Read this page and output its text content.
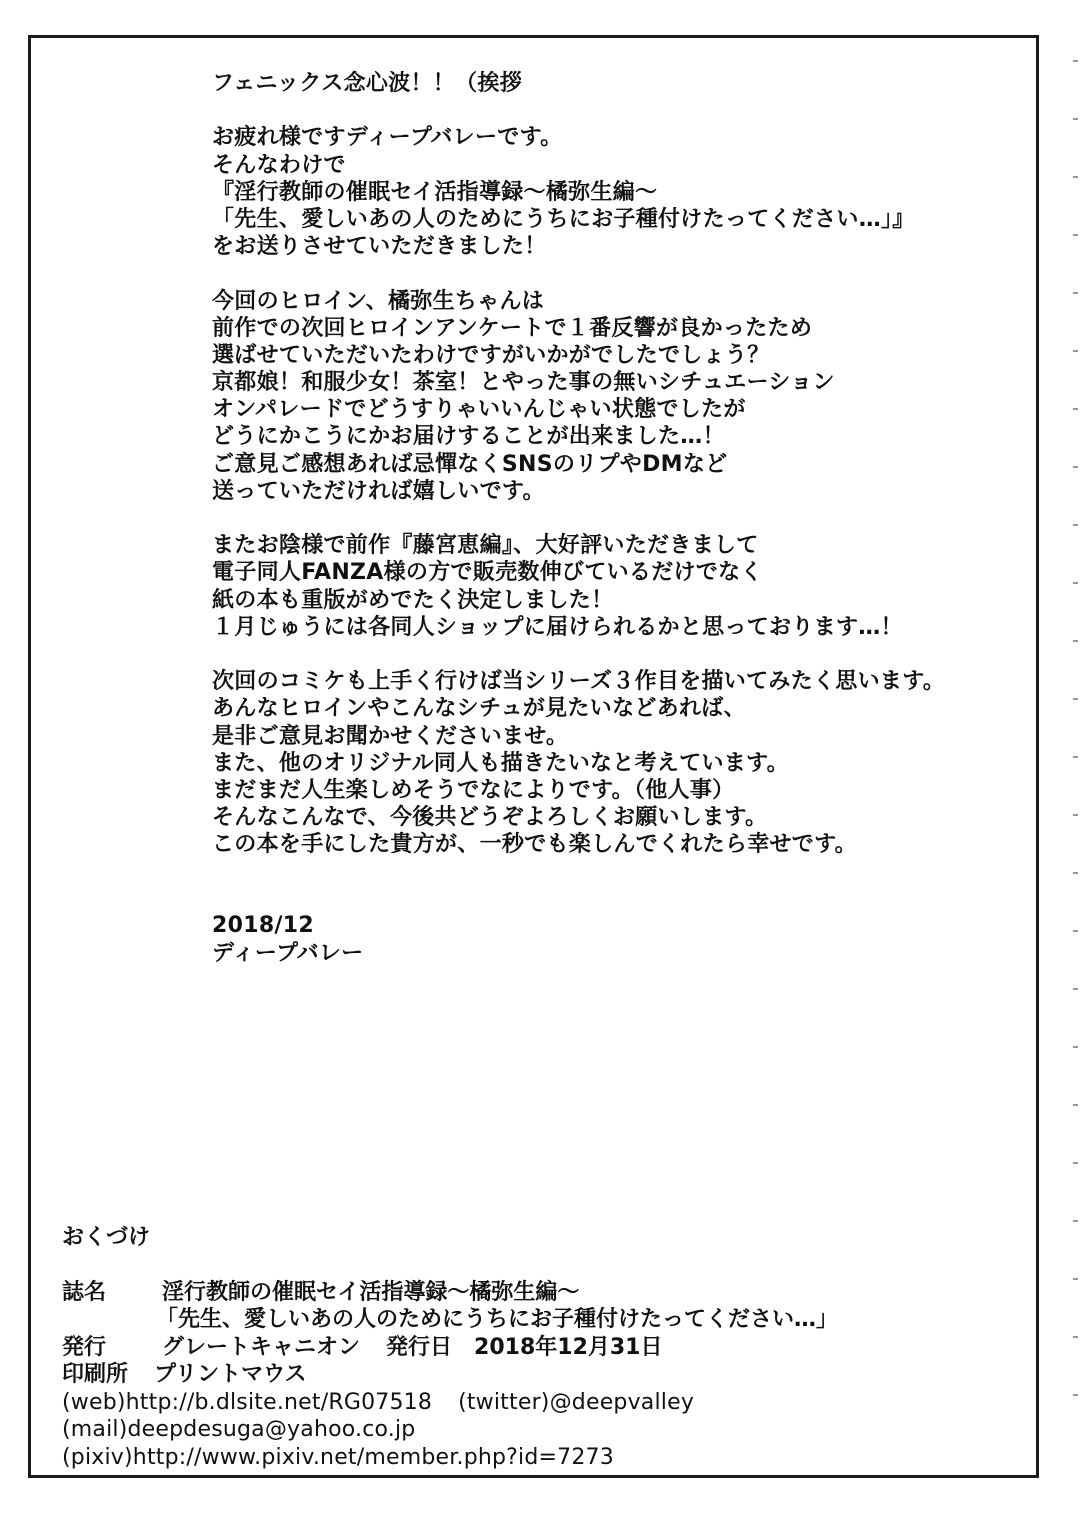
フェニックス念心波！！（挨拶
お疲れ様ですディープバレーです。
そんなわけで
『淫行教師の催眠セイ活指導録～橘弥生編～
「先生、愛しいあの人のためにうちにお子種付けたってください…」』
をお送りさせていただきました！
今回のヒロイン、橘弥生ちゃんは
前作での次回ヒロインアンケートで１番反響が良かったため
選ばせていただいたわけですがいかがでしたでしょう？
京都娘！和服少女！茶室！とやった事の無いシチュエーション
オンパレードでどうすりゃいいんじゃい状態でしたが
どうにかこうにかお届けすることが出来ました…！
ご意見ご感想あれば忌憚なくSNSのリプやDMなど
送っていただければ嬉しいです。
またお陰様で前作『藤宮恵編』、大好評いただきまして
電子同人FANZA様の方で販売数伸びているだけでなく
紙の本も重版がめでたく決定しました！
１月じゅうには各同人ショップに届けられるかと思っております…！
次回のコミケも上手く行けば当シリーズ３作目を描いてみたく思います。
あんなヒロインやこんなシチュが見たいなどあれば、
是非ご意見お聞かせくださいませ。
また、他のオリジナル同人も描きたいなと考えています。
まだまだ人生楽しめそうでなによりです。（他人事）
そんなこんなで、今後共どうぞよろしくお願いします。
この本を手にした貴方が、一秒でも楽しんでくれたら幸せです。
2018/12
ディープバレー
おくづけ
誌名	淫行教師の催眠セイ活指導録～橘弥生編～
「先生、愛しいあの人のためにうちにお子種付けたってください…」
発行	グレートキャニオン 発行日 2018年12月31日
印刷所 プリントマウス
(web)http://b.dlsite.net/RG07518 (twitter)@deepvalley
(mail)deepdesuga@yahoo.co.jp
(pixiv)http://www.pixiv.net/member.php?id=7273
